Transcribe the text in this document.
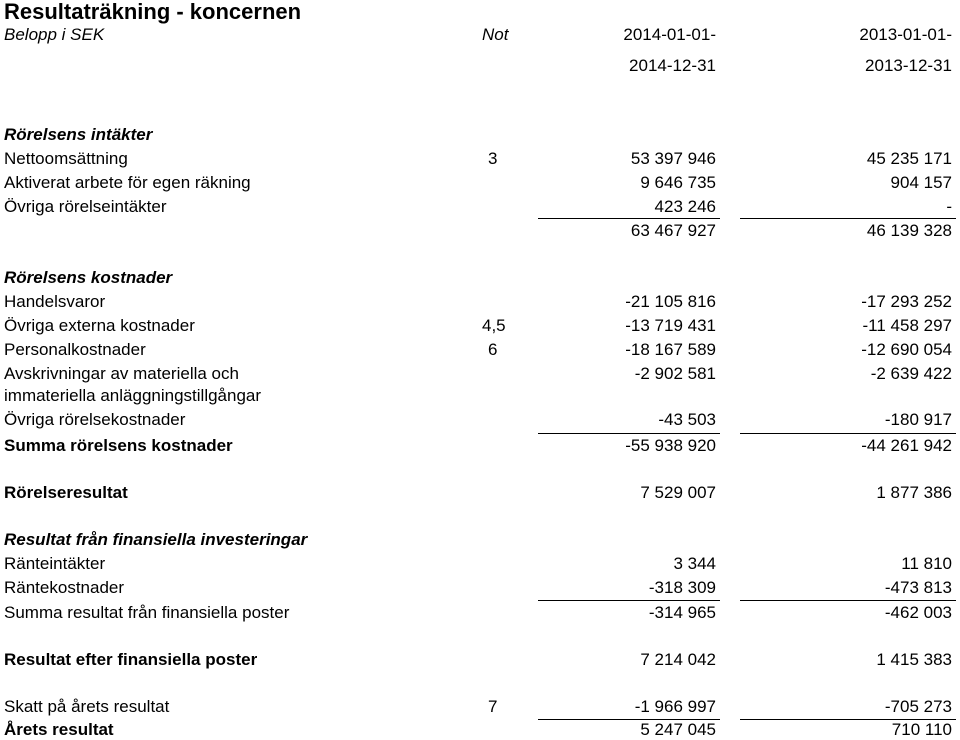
Resultaträkning - koncernen
Belopp i SEK	Not	2014-01-01-	2013-01-01-
2014-12-31	2013-12-31
Rörelsens intäkter
Nettoomsättning	3	53 397 946	45 235 171
Aktiverat arbete för egen räkning	9 646 735	904 157
Övriga rörelseintäkter	423 246	-
63 467 927	46 139 328
Rörelsens kostnader
Handelsvaror	-21 105 816	-17 293 252
Övriga externa kostnader	4,5	-13 719 431	-11 458 297
Personalkostnader	6	-18 167 589	-12 690 054
Avskrivningar av materiella och
immateriella anläggningstillgångar
-2 902 581	-2 639 422
Övriga rörelsekostnader	-43 503	-180 917
Summa rörelsens kostnader	-55 938 920	-44 261 942
Rörelseresultat	7 529 007	1 877 386
Resultat från finansiella investeringar
Ränteintäkter	3 344	11 810
Räntekostnader	-318 309	-473 813
Summa resultat från finansiella poster	-314 965	-462 003
Resultat efter finansiella poster	7 214 042	1 415 383
Skatt på årets resultat	7	-1 966 997	-705 273
Årets resultat	5 247 045	710 110
